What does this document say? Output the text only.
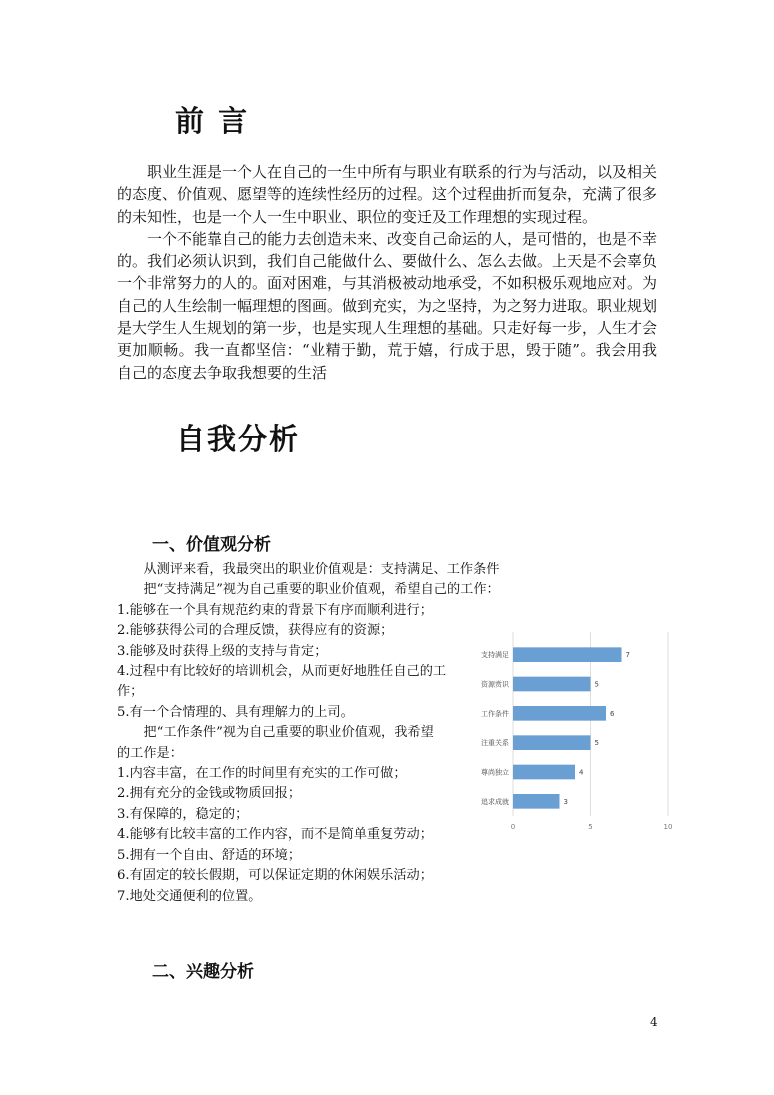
前 言

职业生涯是一个人在自己的一生中所有与职业有联系的行为与活动，以及相关的态度、价值观、愿望等的连续性经历的过程。这个过程曲折而复杂，充满了很多的未知性，也是一个人一生中职业、职位的变迁及工作理想的实现过程。

一个不能靠自己的能力去创造未来、改变自己命运的人，是可惜的，也是不幸的。我们必须认识到，我们自己能做什么、要做什么、怎么去做。上天是不会辜负一个非常努力的人的。面对困难，与其消极被动地承受，不如积极乐观地应对。为自己的人生绘制一幅理想的图画。做到充实，为之坚持，为之努力进取。职业规划是大学生人生规划的第一步，也是实现人生理想的基础。只走好每一步，人生才会更加顺畅。我一直都坚信：“业精于勤，荒于嬉，行成于思，毁于随”。我会用我自己的态度去争取我想要的生活

自我分析
一、价值观分析
从测评来看，我最突出的职业价值观是：支持满足、工作条件
把“支持满足”视为自己重要的职业价值观，希望自己的工作：
1.能够在一个具有规范约束的背景下有序而顺利进行；
2.能够获得公司的合理反馈，获得应有的资源；
3.能够及时获得上级的支持与肯定；
4.过程中有比较好的培训机会，从而更好地胜任自己的工
作；
5.有一个合情理的、具有理解力的上司。
把“工作条件”视为自己重要的职业价值观，我希望
的工作是：
1.内容丰富，在工作的时间里有充实的工作可做；
2.拥有充分的金钱或物质回报；
3.有保障的，稳定的；
4.能够有比较丰富的工作内容，而不是简单重复劳动；
5.拥有一个自由、舒适的环境；
6.有固定的较长假期，可以保证定期的休闲娱乐活动；
7.地处交通便利的位置。
0	5	10
支持满足	7
资源赏识	5
工作条件	6
注重关系	5
尊尚独立	4
追求成就	3
二、兴趣分析
4
